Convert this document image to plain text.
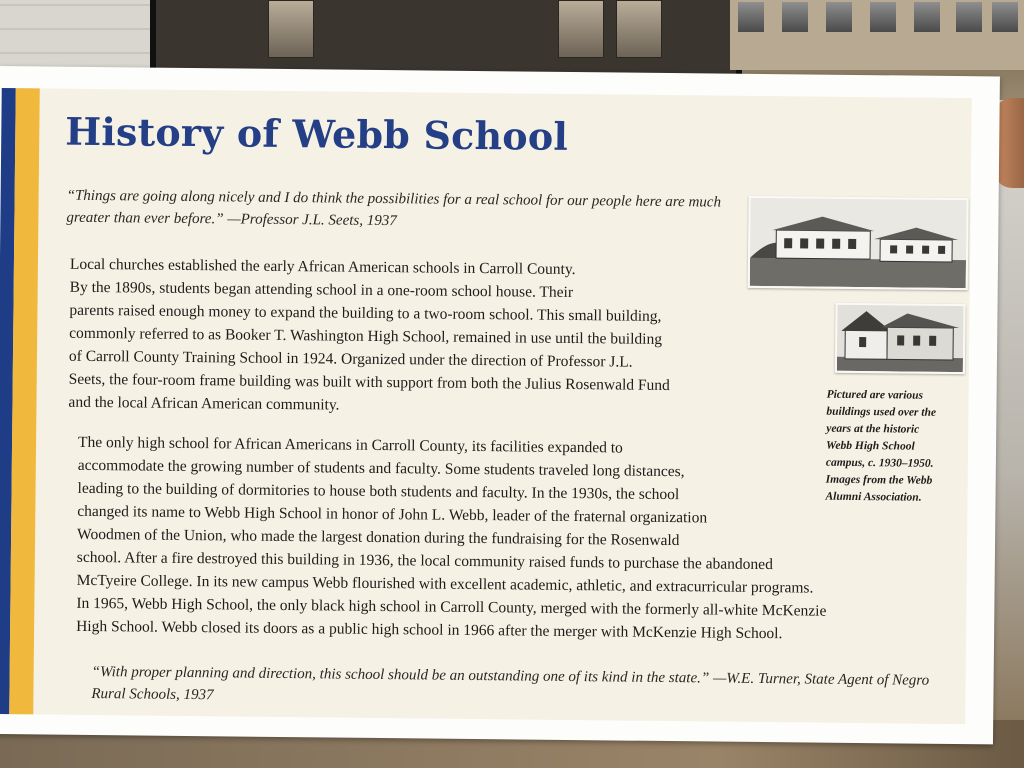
History of Webb School
“Things are going along nicely and I do think the possibilities for a real school for our people here are much greater than ever before.” —Professor J.L. Seets, 1937
Local churches established the early African American schools in Carroll County.
By the 1890s, students began attending school in a one-room school house. Their
parents raised enough money to expand the building to a two-room school. This small building,
commonly referred to as Booker T. Washington High School, remained in use until the building
of Carroll County Training School in 1924. Organized under the direction of Professor J.L.
Seets, the four-room frame building was built with support from both the Julius Rosenwald Fund
and the local African American community.
The only high school for African Americans in Carroll County, its facilities expanded to
accommodate the growing number of students and faculty. Some students traveled long distances,
leading to the building of dormitories to house both students and faculty. In the 1930s, the school
changed its name to Webb High School in honor of John L. Webb, leader of the fraternal organization
Woodmen of the Union, who made the largest donation during the fundraising for the Rosenwald
school. After a fire destroyed this building in 1936, the local community raised funds to purchase the abandoned
McTyeire College. In its new campus Webb flourished with excellent academic, athletic, and extracurricular programs.
In 1965, Webb High School, the only black high school in Carroll County, merged with the formerly all-white McKenzie
High School. Webb closed its doors as a public high school in 1966 after the merger with McKenzie High School.
Pictured are various buildings used over the years at the historic Webb High School campus, c. 1930–1950. Images from the Webb Alumni Association.
“With proper planning and direction, this school should be an outstanding one of its kind in the state.” —W.E. Turner, State Agent of Negro Rural Schools, 1937
